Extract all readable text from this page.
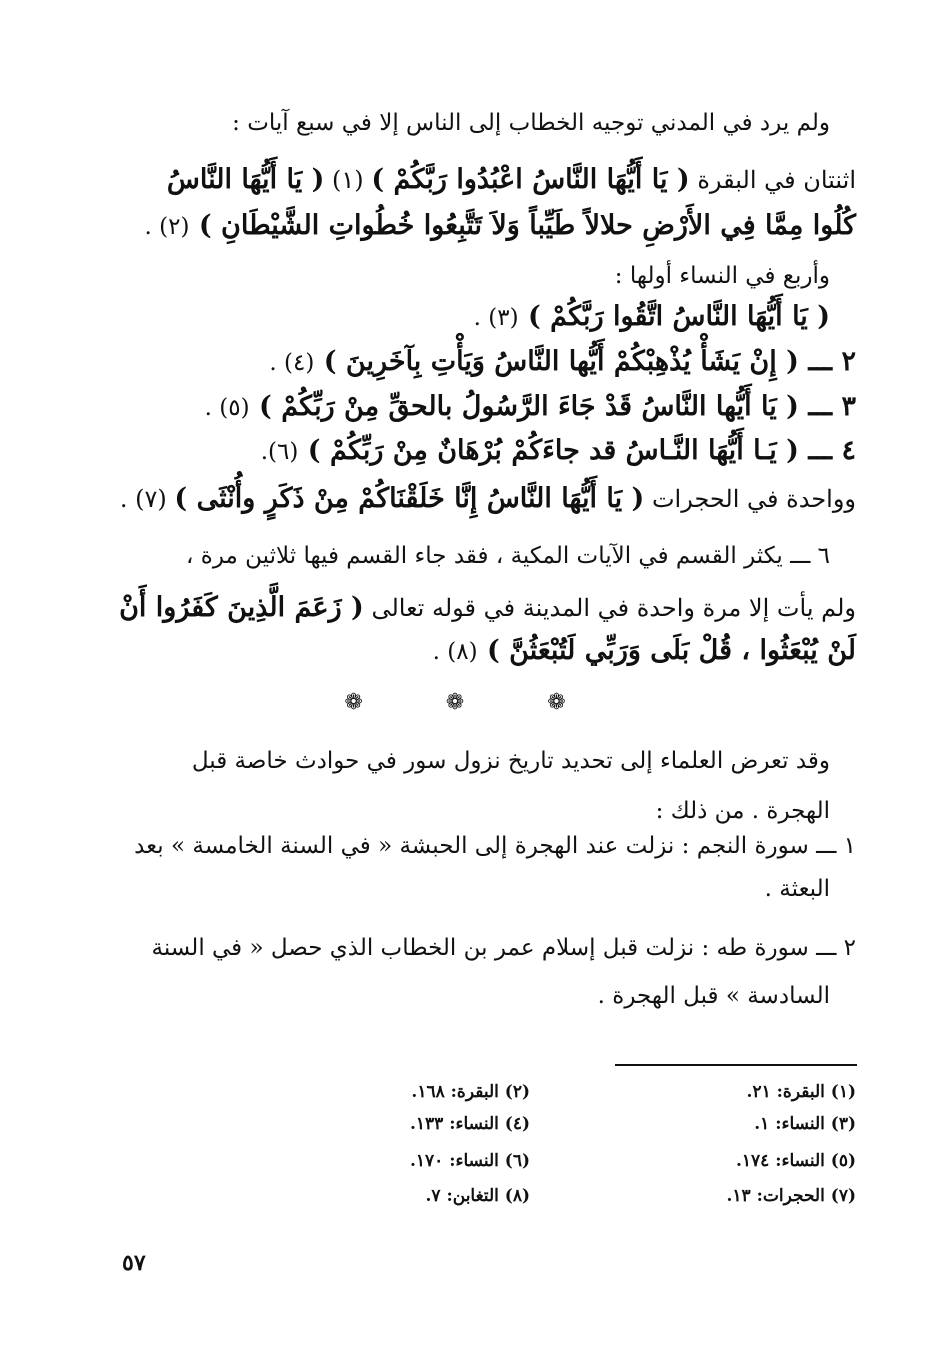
ولم يرد في المدني توجيه الخطاب إلى الناس إلا في سبع آيات :
اثنتان في البقرة ( يَا أَيُّهَا النَّاسُ اعْبُدُوا رَبَّكُمْ ) (١) ( يَا أَيُّهَا النَّاسُ
كُلُوا مِمَّا فِي الأَرْضِ حلالاً طَيِّباً وَلاَ تَتَّبِعُوا خُطُواتِ الشَّيْطَانِ ) (٢) .
وأربع في النساء أولها :
( يَا أَيُّهَا النَّاسُ اتَّقُوا رَبَّكُمْ ) (٣) .
٢ ـــ ( إِنْ يَشَأْ يُذْهِبْكُمْ أَيُّها النَّاسُ وَيَأْتِ بِآخَرِينَ ) (٤) .
٣ ـــ ( يَا أَيُّها النَّاسُ قَدْ جَاءَ الرَّسُولُ بالحقِّ مِنْ رَبِّكُمْ ) (٥) .
٤ ـــ ( يَـا أَيُّهَا النَّـاسُ قد جاءَكُمْ بُرْهَانٌ مِنْ رَبِّكُمْ ) (٦).
وواحدة في الحجرات ( يَا أَيُّهَا النَّاسُ إِنَّا خَلَقْنَاكُمْ مِنْ ذَكَرٍ وأُنْثَى ) (٧) .
٦ ـــ يكثر القسم في الآيات المكية ، فقد جاء القسم فيها ثلاثين مرة ،
ولم يأت إلا مرة واحدة في المدينة في قوله تعالى ( زَعَمَ الَّذِينَ كَفَرُوا أَنْ
لَنْ يُبْعَثُوا ، قُلْ بَلَى وَرَبِّي لَتُبْعَثُنَّ ) (٨) .
❁ ❁ ❁
وقد تعرض العلماء إلى تحديد تاريخ نزول سور في حوادث خاصة قبل
الهجرة . من ذلك :
١ ـــ سورة النجم : نزلت عند الهجرة إلى الحبشة « في السنة الخامسة » بعد
البعثة .
٢ ـــ سورة طه : نزلت قبل إسلام عمر بن الخطاب الذي حصل « في السنة
السادسة » قبل الهجرة .
(١) البقرة: ٢١.
(٣) النساء: ١.
(٥) النساء: ١٧٤.
(٧) الحجرات: ١٣.
(٢) البقرة: ١٦٨.
(٤) النساء: ١٣٣.
(٦) النساء: ١٧٠.
(٨) التغابن: ٧.
٥٧
